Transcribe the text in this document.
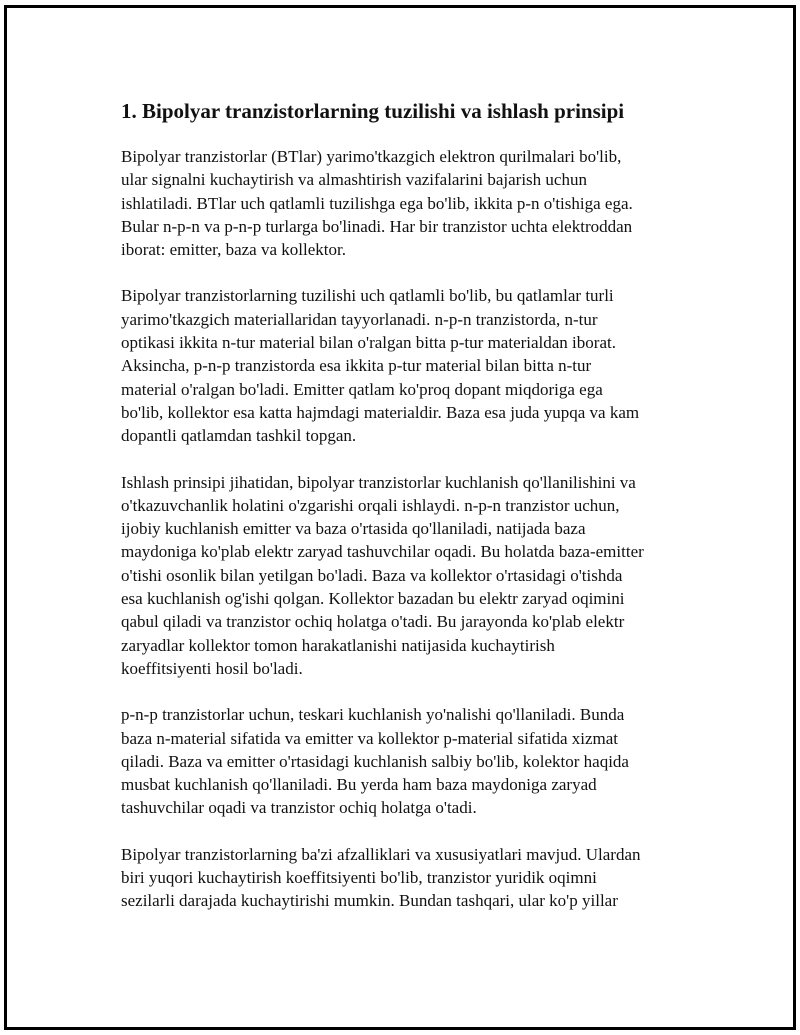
1. Bipolyar tranzistorlarning tuzilishi va ishlash prinsipi

Bipolyar tranzistorlar (BTlar) yarimo'tkazgich elektron qurilmalari bo'lib,
ular signalni kuchaytirish va almashtirish vazifalarini bajarish uchun
ishlatiladi. BTlar uch qatlamli tuzilishga ega bo'lib, ikkita p-n o'tishiga ega.
Bular n-p-n va p-n-p turlarga bo'linadi. Har bir tranzistor uchta elektroddan
iborat: emitter, baza va kollektor.

Bipolyar tranzistorlarning tuzilishi uch qatlamli bo'lib, bu qatlamlar turli
yarimo'tkazgich materiallaridan tayyorlanadi. n-p-n tranzistorda, n-tur
optikasi ikkita n-tur material bilan o'ralgan bitta p-tur materialdan iborat.
Aksincha, p-n-p tranzistorda esa ikkita p-tur material bilan bitta n-tur
material o'ralgan bo'ladi. Emitter qatlam ko'proq dopant miqdoriga ega
bo'lib, kollektor esa katta hajmdagi materialdir. Baza esa juda yupqa va kam
dopantli qatlamdan tashkil topgan.

Ishlash prinsipi jihatidan, bipolyar tranzistorlar kuchlanish qo'llanilishini va
o'tkazuvchanlik holatini o'zgarishi orqali ishlaydi. n-p-n tranzistor uchun,
ijobiy kuchlanish emitter va baza o'rtasida qo'llaniladi, natijada baza
maydoniga ko'plab elektr zaryad tashuvchilar oqadi. Bu holatda baza-emitter
o'tishi osonlik bilan yetilgan bo'ladi. Baza va kollektor o'rtasidagi o'tishda
esa kuchlanish og'ishi qolgan. Kollektor bazadan bu elektr zaryad oqimini
qabul qiladi va tranzistor ochiq holatga o'tadi. Bu jarayonda ko'plab elektr
zaryadlar kollektor tomon harakatlanishi natijasida kuchaytirish
koeffitsiyenti hosil bo'ladi.

p-n-p tranzistorlar uchun, teskari kuchlanish yo'nalishi qo'llaniladi. Bunda
baza n-material sifatida va emitter va kollektor p-material sifatida xizmat
qiladi. Baza va emitter o'rtasidagi kuchlanish salbiy bo'lib, kolektor haqida
musbat kuchlanish qo'llaniladi. Bu yerda ham baza maydoniga zaryad
tashuvchilar oqadi va tranzistor ochiq holatga o'tadi.

Bipolyar tranzistorlarning ba'zi afzalliklari va xususiyatlari mavjud. Ulardan
biri yuqori kuchaytirish koeffitsiyenti bo'lib, tranzistor yuridik oqimni
sezilarli darajada kuchaytirishi mumkin. Bundan tashqari, ular ko'p yillar
